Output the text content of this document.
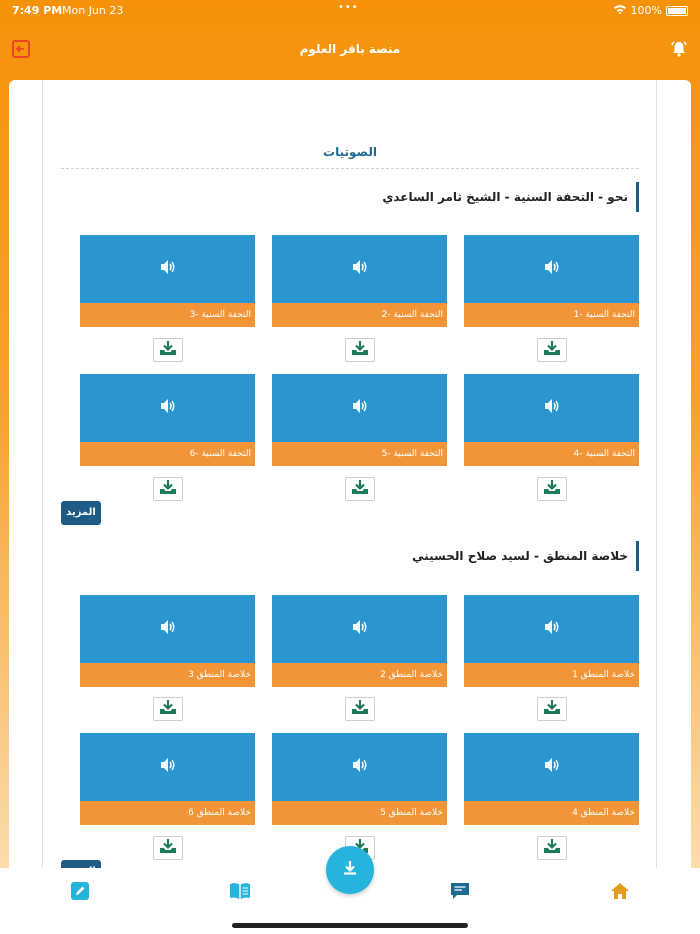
7:49 PM Mon Jun 23	•••	100%
منصة باقر العلوم
الصوتيات
نحو - التحفة السنية - الشيخ ثامر الساعدي
التحفة السنية -1
التحفة السنية -2
التحفة السنية -3
التحفة السنية -4
التحفة السنية -5
التحفة السنية -6
المزيد
خلاصة المنطق - لسيد صلاح الحسيني
خلاصة المنطق 1
خلاصة المنطق 2
خلاصة المنطق 3
خلاصة المنطق 4
خلاصة المنطق 5
خلاصة المنطق 6
